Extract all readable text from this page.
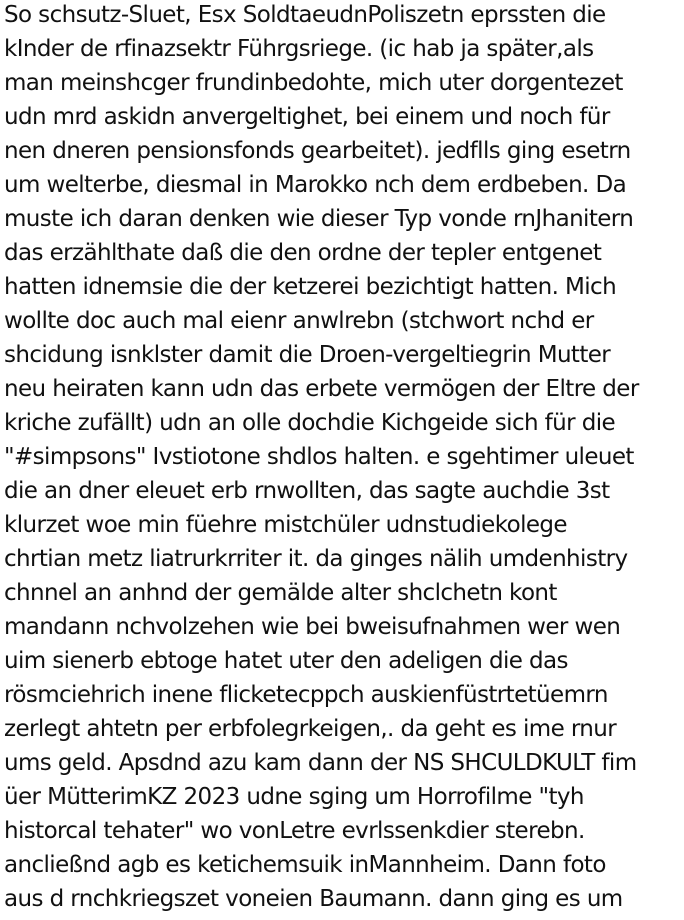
So schsutz-Sluet, Esx SoldtaeudnPoliszetn eprssten die
kInder de rfinazsektr Führgsriege. (ic hab ja später,als
man meinshcger frundinbedohte, mich uter dorgentezet
udn mrd askidn anvergeltighet, bei einem und noch für
nen dneren pensionsfonds gearbeitet). jedflls ging esetrn
um welterbe, diesmal in Marokko nch dem erdbeben. Da
muste ich daran denken wie dieser Typ vonde rnJhanitern
das erzählthate daß die den ordne der tepler entgenet
hatten idnemsie die der ketzerei bezichtigt hatten. Mich
wollte doc auch mal eienr anwlrebn (stchwort nchd er
shcidung isnklster damit die Droen-vergeltiegrin Mutter
neu heiraten kann udn das erbete vermögen der Eltre der
kriche zufällt) udn an olle dochdie Kichgeide sich für die
"#simpsons" Ivstiotone shdlos halten. e sgehtimer uleuet
die an dner eleuet erb rnwollten, das sagte auchdie 3st
klurzet woe min füehre mistchüler udnstudiekolege
chrtian metz liatrurkrriter it. da ginges nälih umdenhistry
chnnel an anhnd der gemälde alter shclchetn kont
mandann nchvolzehen wie bei bweisufnahmen wer wen
uim sienerb ebtoge hatet uter den adeligen die das
rösmciehrich inene flicketecppch auskienfüstrtetüemrn
zerlegt ahtetn per erbfolegrkeigen,. da geht es ime rnur
ums geld. Apsdnd azu kam dann der NS SHCULDKULT fim
üer MütterimKZ 2023 udne sging um Horrofilme "tyh
historcal tehater" wo vonLetre evrlssenkdier sterebn.
ancließnd agb es ketichemsuik inMannheim. Dann foto
aus d rnchkriegszet voneien Baumann. dann ging es um
